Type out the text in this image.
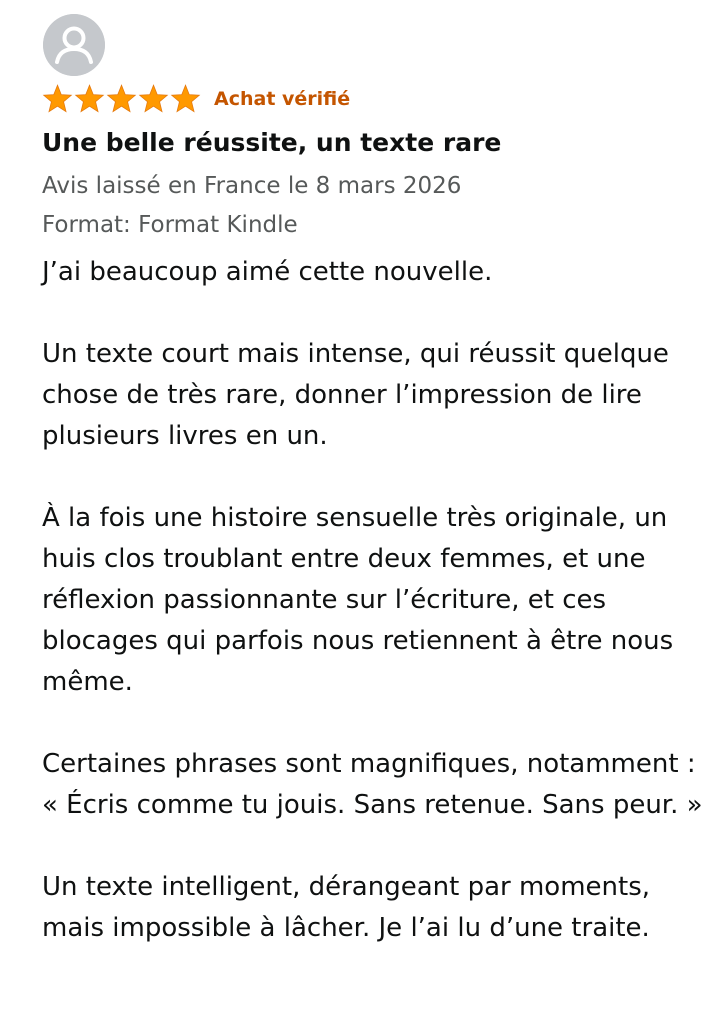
Achat vérifié
Une belle réussite, un texte rare
Avis laissé en France le 8 mars 2026
Format: Format Kindle

J’ai beaucoup aimé cette nouvelle.

Un texte court mais intense, qui réussit quelque chose de très rare, donner l’impression de lire plusieurs livres en un.

À la fois une histoire sensuelle très originale, un huis clos troublant entre deux femmes, et une réflexion passionnante sur l’écriture, et ces blocages qui parfois nous retiennent à être nous même.

Certaines phrases sont magnifiques, notamment : « Écris comme tu jouis. Sans retenue. Sans peur. »

Un texte intelligent, dérangeant par moments, mais impossible à lâcher. Je l’ai lu d’une traite.
